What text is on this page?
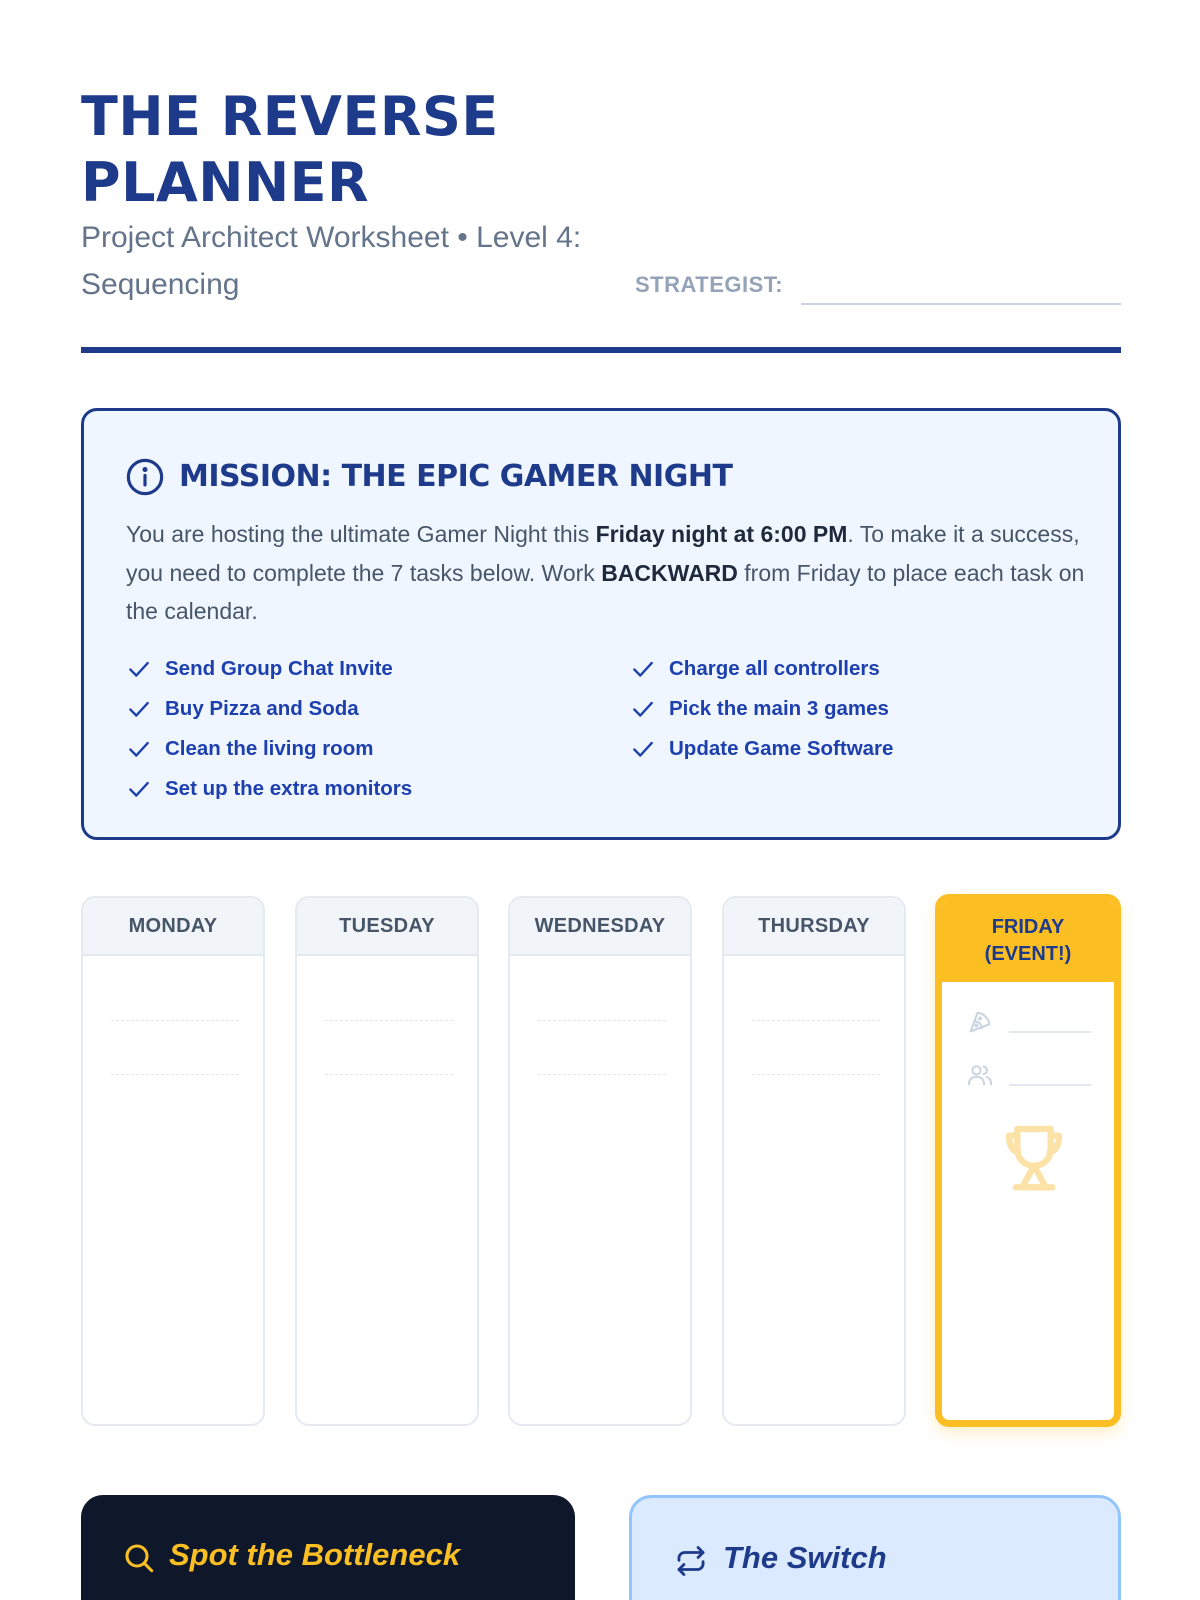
THE REVERSE PLANNER
Project Architect Worksheet • Level 4: Sequencing	STRATEGIST:
MISSION: THE EPIC GAMER NIGHT

You are hosting the ultimate Gamer Night this Friday night at 6:00 PM. To make it a success, you need to complete the 7 tasks below. Work BACKWARD from Friday to place each task on the calendar.

Send Group Chat Invite
Buy Pizza and Soda
Clean the living room
Set up the extra monitors
Charge all controllers
Pick the main 3 games
Update Game Software
MONDAY	TUESDAY	WEDNESDAY	THURSDAY	FRIDAY
(EVENT!)
Spot the Bottleneck	The Switch
